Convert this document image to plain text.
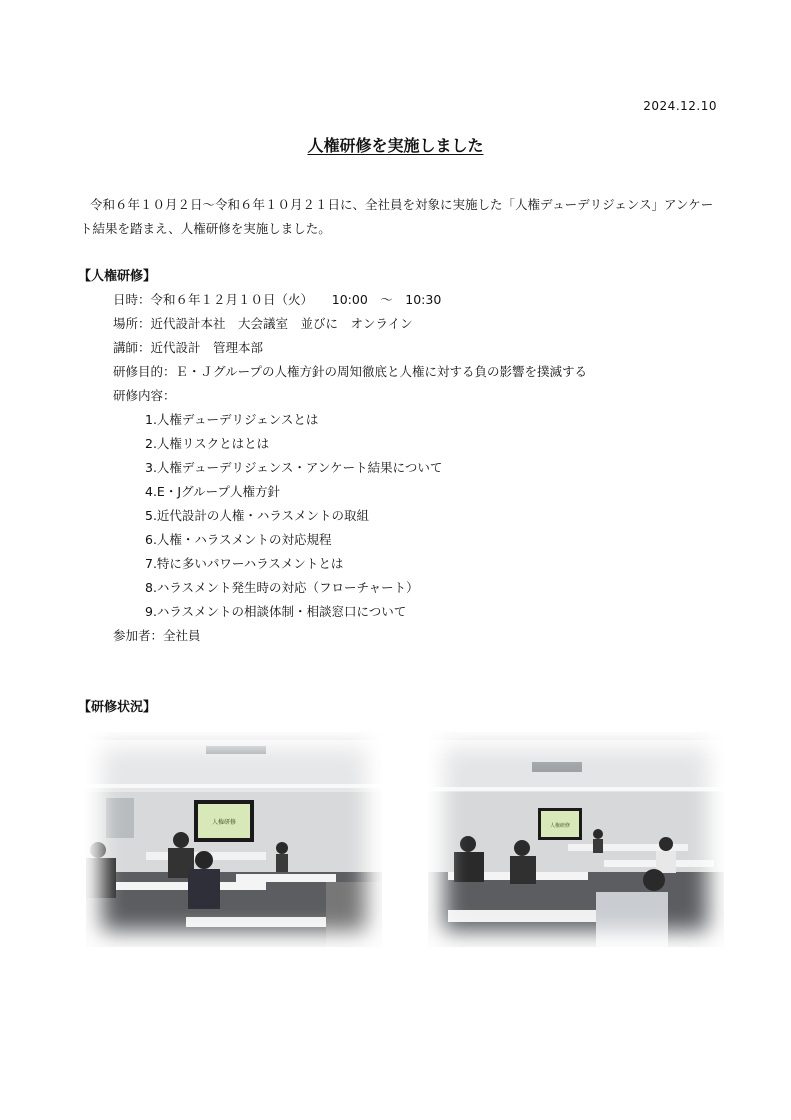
2024.12.10
人権研修を実施しました

令和６年１０月２日〜令和６年１０月２１日に、全社員を対象に実施した「人権デューデリジェンス」アンケート結果を踏まえ、人権研修を実施しました。

【人権研修】
日時：令和６年１２月１０日（火）　　10:00　～　10:30
場所：近代設計本社　大会議室　並びに　オンライン
講師：近代設計　管理本部
研修目的：Ｅ・Ｊグループの人権方針の周知徹底と人権に対する負の影響を撲滅する
研修内容：
1.人権デューデリジェンスとは
2.人権リスクとはとは
3.人権デューデリジェンス・アンケート結果について
4.E・Jグループ人権方針
5.近代設計の人権・ハラスメントの取組
6.人権・ハラスメントの対応規程
7.特に多いパワーハラスメントとは
8.ハラスメント発生時の対応（フローチャート）
9.ハラスメントの相談体制・相談窓口について
参加者：全社員
【研修状況】
人権研修	人権研修
